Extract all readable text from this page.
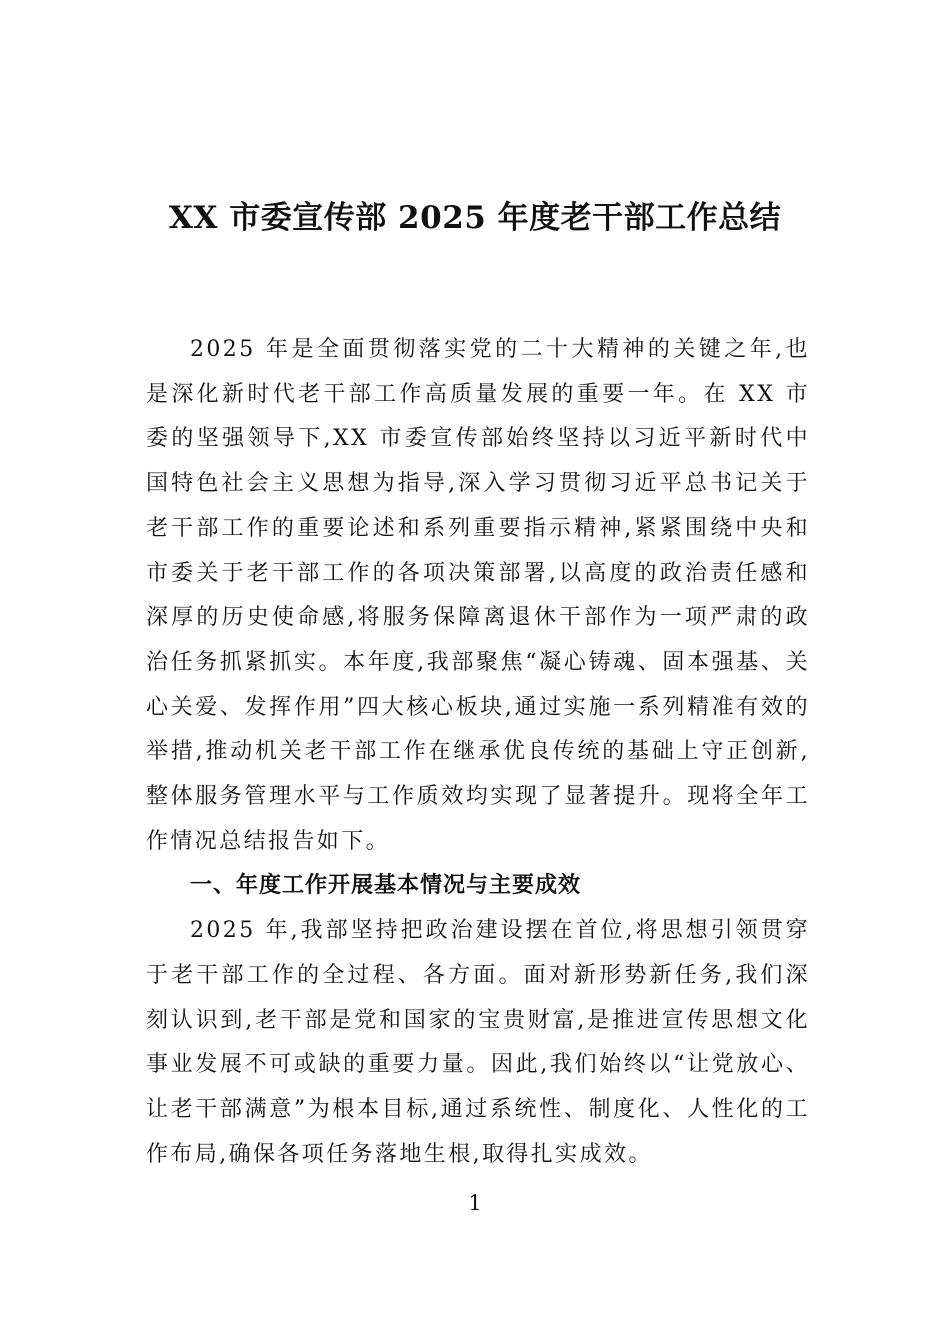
XX 市委宣传部 2025 年度老干部工作总结

2025 年是全面贯彻落实党的二十大精神的关键之年,也是深化新时代老干部工作高质量发展的重要一年。在 XX 市委的坚强领导下,XX 市委宣传部始终坚持以习近平新时代中国特色社会主义思想为指导,深入学习贯彻习近平总书记关于老干部工作的重要论述和系列重要指示精神,紧紧围绕中央和市委关于老干部工作的各项决策部署,以高度的政治责任感和深厚的历史使命感,将服务保障离退休干部作为一项严肃的政治任务抓紧抓实。本年度,我部聚焦“凝心铸魂、固本强基、关心关爱、发挥作用”四大核心板块,通过实施一系列精准有效的举措,推动机关老干部工作在继承优良传统的基础上守正创新,整体服务管理水平与工作质效均实现了显著提升。现将全年工作情况总结报告如下。

一、年度工作开展基本情况与主要成效

2025 年,我部坚持把政治建设摆在首位,将思想引领贯穿于老干部工作的全过程、各方面。面对新形势新任务,我们深刻认识到,老干部是党和国家的宝贵财富,是推进宣传思想文化事业发展不可或缺的重要力量。因此,我们始终以“让党放心、让老干部满意”为根本目标,通过系统性、制度化、人性化的工作布局,确保各项任务落地生根,取得扎实成效。

1
